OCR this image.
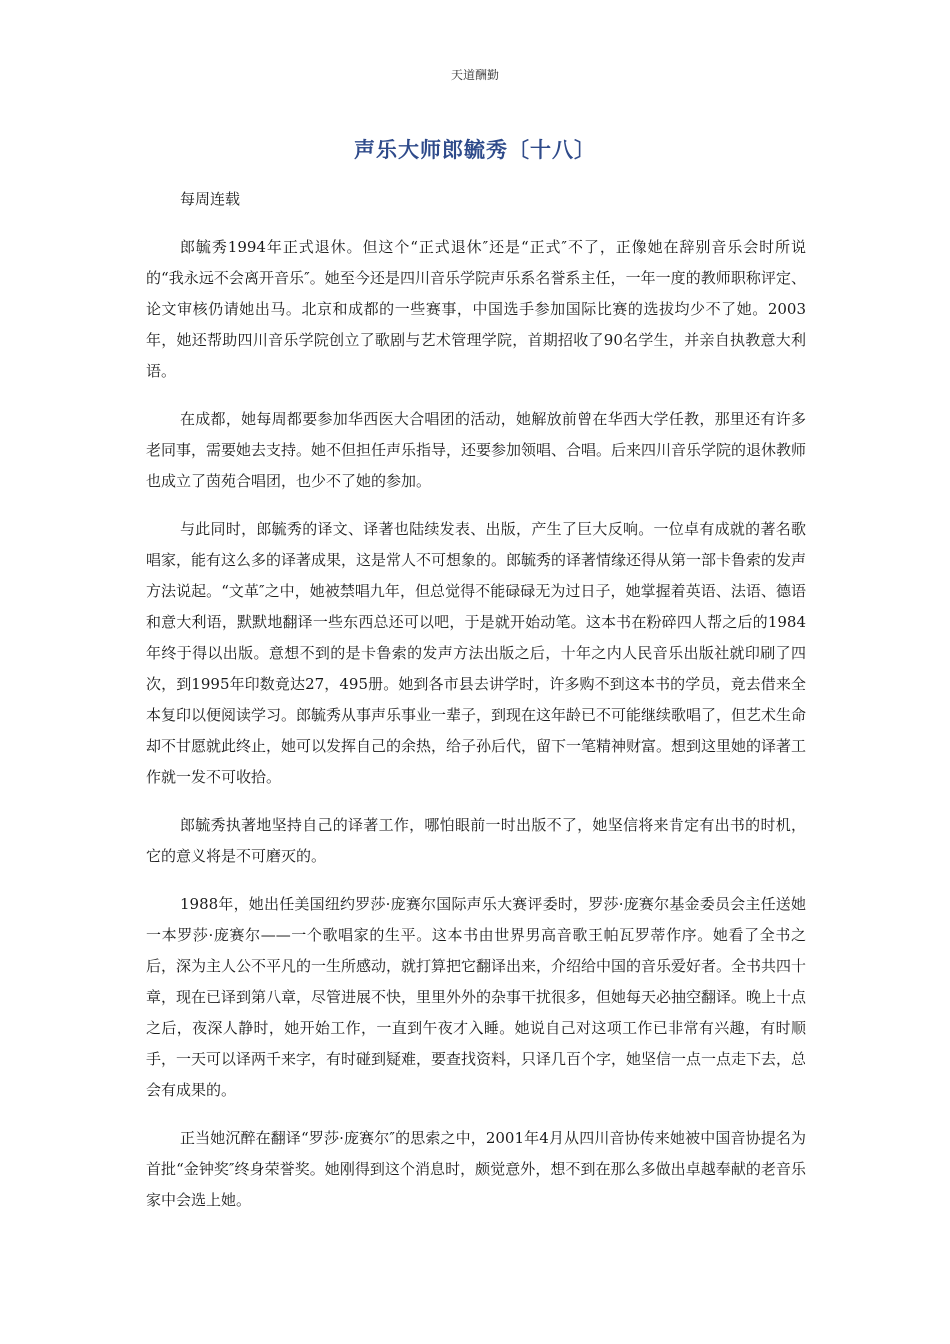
天道酬勤
声乐大师郎毓秀〔十八〕

每周连载

郎毓秀1994年正式退休。但这个“正式退休″还是“正式″不了，正像她在辞别音乐会时所说的“我永远不会离开音乐″。她至今还是四川音乐学院声乐系名誉系主任，一年一度的教师职称评定、论文审核仍请她出马。北京和成都的一些赛事，中国选手参加国际比赛的选拔均少不了她。2003年，她还帮助四川音乐学院创立了歌剧与艺术管理学院，首期招收了90名学生，并亲自执教意大利语。

在成都，她每周都要参加华西医大合唱团的活动，她解放前曾在华西大学任教，那里还有许多老同事，需要她去支持。她不但担任声乐指导，还要参加领唱、合唱。后来四川音乐学院的退休教师也成立了茵苑合唱团，也少不了她的参加。

与此同时，郎毓秀的译文、译著也陆续发表、出版，产生了巨大反响。一位卓有成就的著名歌唱家，能有这么多的译著成果，这是常人不可想象的。郎毓秀的译著情缘还得从第一部卡鲁索的发声方法说起。“文革″之中，她被禁唱九年，但总觉得不能碌碌无为过日子，她掌握着英语、法语、德语和意大利语，默默地翻译一些东西总还可以吧，于是就开始动笔。这本书在粉碎四人帮之后的1984年终于得以出版。意想不到的是卡鲁索的发声方法出版之后，十年之内人民音乐出版社就印刷了四次，到1995年印数竟达27，495册。她到各市县去讲学时，许多购不到这本书的学员，竟去借来全本复印以便阅读学习。郎毓秀从事声乐事业一辈子，到现在这年龄已不可能继续歌唱了，但艺术生命却不甘愿就此终止，她可以发挥自己的余热，给子孙后代，留下一笔精神财富。想到这里她的译著工作就一发不可收拾。

郎毓秀执著地坚持自己的译著工作，哪怕眼前一时出版不了，她坚信将来肯定有出书的时机，它的意义将是不可磨灭的。

1988年，她出任美国纽约罗莎·庞赛尔国际声乐大赛评委时，罗莎·庞赛尔基金委员会主任送她一本罗莎·庞赛尔——一个歌唱家的生平。这本书由世界男高音歌王帕瓦罗蒂作序。她看了全书之后，深为主人公不平凡的一生所感动，就打算把它翻译出来，介绍给中国的音乐爱好者。全书共四十章，现在已译到第八章，尽管进展不快，里里外外的杂事干扰很多，但她每天必抽空翻译。晚上十点之后，夜深人静时，她开始工作，一直到午夜才入睡。她说自己对这项工作已非常有兴趣，有时顺手，一天可以译两千来字，有时碰到疑难，要查找资料，只译几百个字，她坚信一点一点走下去，总会有成果的。

正当她沉醉在翻译“罗莎·庞赛尔″的思索之中，2001年4月从四川音协传来她被中国音协提名为首批“金钟奖″终身荣誉奖。她刚得到这个消息时，颇觉意外，想不到在那么多做出卓越奉献的老音乐家中会选上她。
